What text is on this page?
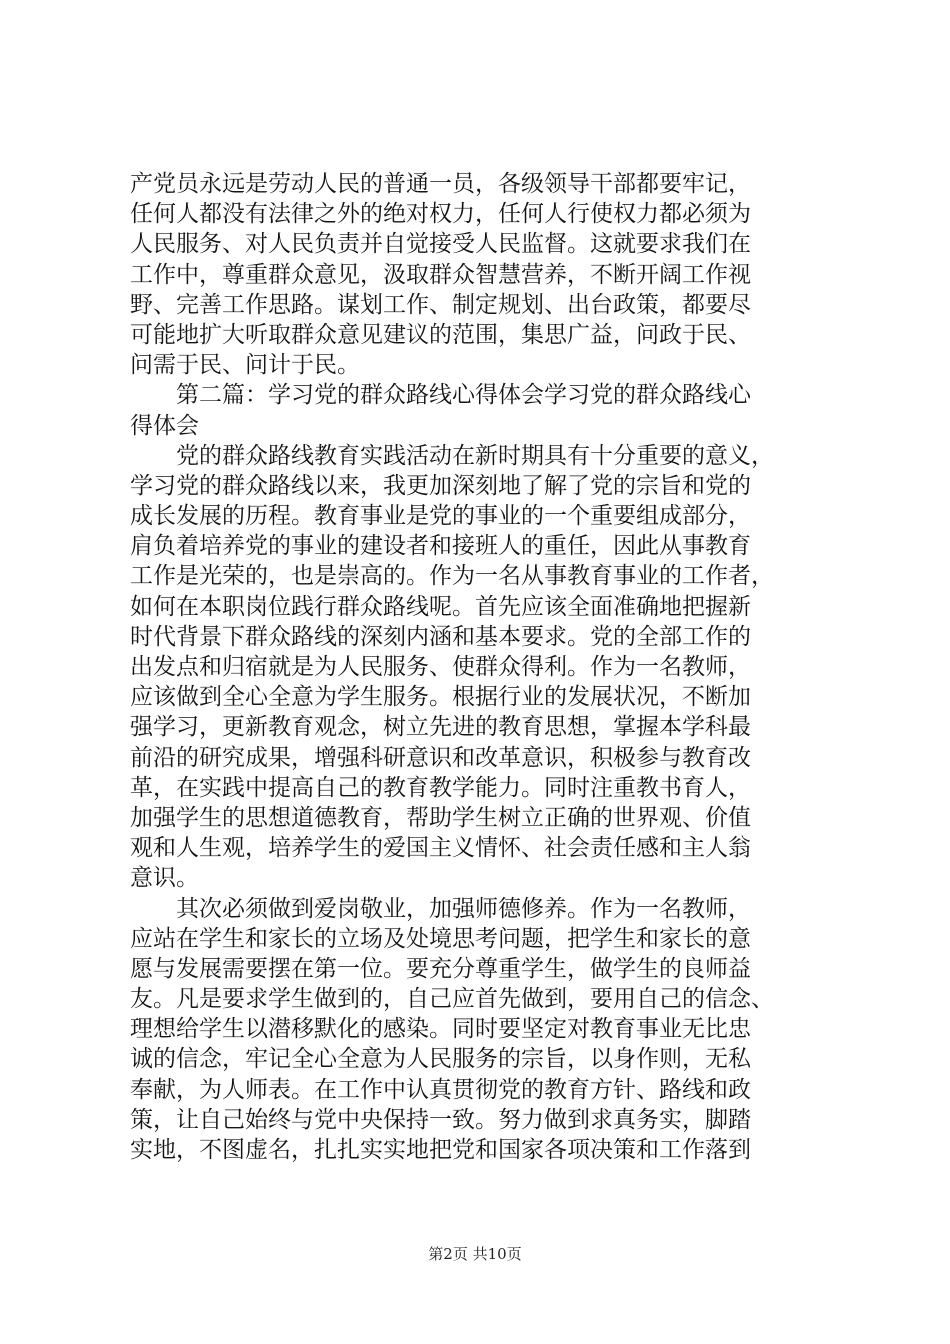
产党员永远是劳动人民的普通一员，各级领导干部都要牢记，
任何人都没有法律之外的绝对权力，任何人行使权力都必须为
人民服务、对人民负责并自觉接受人民监督。这就要求我们在
工作中，尊重群众意见，汲取群众智慧营养，不断开阔工作视
野、完善工作思路。谋划工作、制定规划、出台政策，都要尽
可能地扩大听取群众意见建议的范围，集思广益，问政于民、
问需于民、问计于民。
　　第二篇：学习党的群众路线心得体会学习党的群众路线心
得体会
　　党的群众路线教育实践活动在新时期具有十分重要的意义，
学习党的群众路线以来，我更加深刻地了解了党的宗旨和党的
成长发展的历程。教育事业是党的事业的一个重要组成部分，
肩负着培养党的事业的建设者和接班人的重任，因此从事教育
工作是光荣的，也是崇高的。作为一名从事教育事业的工作者，
如何在本职岗位践行群众路线呢。首先应该全面准确地把握新
时代背景下群众路线的深刻内涵和基本要求。党的全部工作的
出发点和归宿就是为人民服务、使群众得利。作为一名教师，
应该做到全心全意为学生服务。根据行业的发展状况，不断加
强学习，更新教育观念，树立先进的教育思想，掌握本学科最
前沿的研究成果，增强科研意识和改革意识，积极参与教育改
革，在实践中提高自己的教育教学能力。同时注重教书育人，
加强学生的思想道德教育，帮助学生树立正确的世界观、价值
观和人生观，培养学生的爱国主义情怀、社会责任感和主人翁
意识。
　　其次必须做到爱岗敬业，加强师德修养。作为一名教师，
应站在学生和家长的立场及处境思考问题，把学生和家长的意
愿与发展需要摆在第一位。要充分尊重学生，做学生的良师益
友。凡是要求学生做到的，自己应首先做到，要用自己的信念、
理想给学生以潜移默化的感染。同时要坚定对教育事业无比忠
诚的信念，牢记全心全意为人民服务的宗旨，以身作则，无私
奉献，为人师表。在工作中认真贯彻党的教育方针、路线和政
策，让自己始终与党中央保持一致。努力做到求真务实，脚踏
实地，不图虚名，扎扎实实地把党和国家各项决策和工作落到
第2页 共10页
